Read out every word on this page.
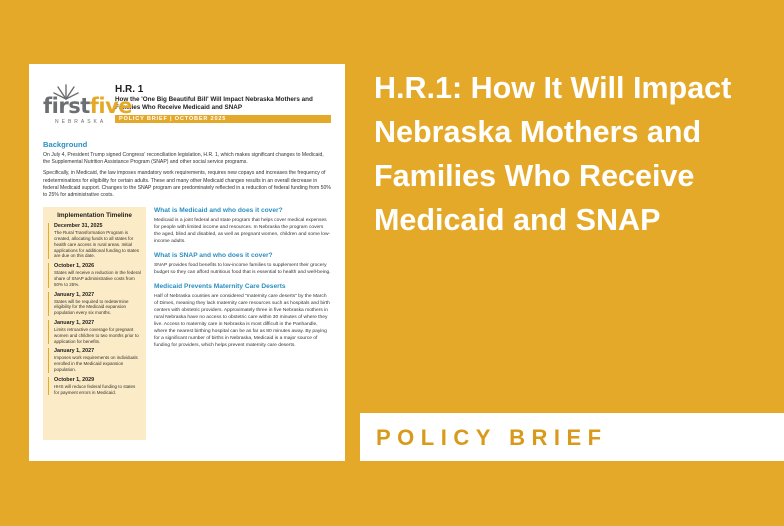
firstfive
NEBRASKA
H.R. 1
How the 'One Big Beautiful Bill' Will Impact Nebraska Mothers and Families Who Receive Medicaid and SNAP
POLICY BRIEF | OCTOBER 2025
Background

On July 4, President Trump signed Congress' reconciliation legislation, H.R. 1, which makes significant changes to Medicaid, the Supplemental Nutrition Assistance Program (SNAP) and other social service programs.

Specifically, in Medicaid, the law imposes mandatory work requirements, requires new copays and increases the frequency of redeterminations for eligibility for certain adults. These and many other Medicaid changes results in an overall decrease in federal Medicaid support. Changes to the SNAP program are predominately reflected in a reduction of federal funding from 50% to 25% for administrative costs.

Implementation Timeline
December 31, 2025
The Rural Transformation Program is created, allocating funds to all states for health care access in rural areas. Initial applications for additional funding to states are due on this date.
October 1, 2026
States will receive a reduction in the federal share of SNAP administrative costs from 50% to 25%.
January 1, 2027
States will be required to redetermine eligibility for the Medicaid expansion population every six months.
January 1, 2027
Limits retroactive coverage for pregnant women and children to two months prior to application for benefits.
January 1, 2027
Imposes work requirements on individuals enrolled in the Medicaid expansion population.
October 1, 2029
HHS will reduce federal funding to states for payment errors in Medicaid.
What is Medicaid and who does it cover?

Medicaid is a joint federal and state program that helps cover medical expenses for people with limited income and resources. In Nebraska the program covers the aged, blind and disabled, as well as pregnant women, children and some low-income adults.

What is SNAP and who does it cover?

SNAP provides food benefits to low-income families to supplement their grocery budget so they can afford nutritious food that is essential to health and well-being.

Medicaid Prevents Maternity Care Deserts

Half of Nebraska counties are considered "maternity care deserts" by the March of Dimes, meaning they lack maternity care resources such as hospitals and birth centers with obstetric providers. Approximately three in five Nebraska mothers in rural Nebraska have no access to obstetric care within 30 minutes of where they live. Access to maternity care in Nebraska is most difficult in the Panhandle, where the nearest birthing hospital can be as far as 80 minutes away. By paying for a significant number of births in Nebraska, Medicaid is a major source of funding for providers, which helps prevent maternity care deserts.

H.R.1: How It Will Impact Nebraska Mothers and Families Who Receive Medicaid and SNAP
POLICY BRIEF
